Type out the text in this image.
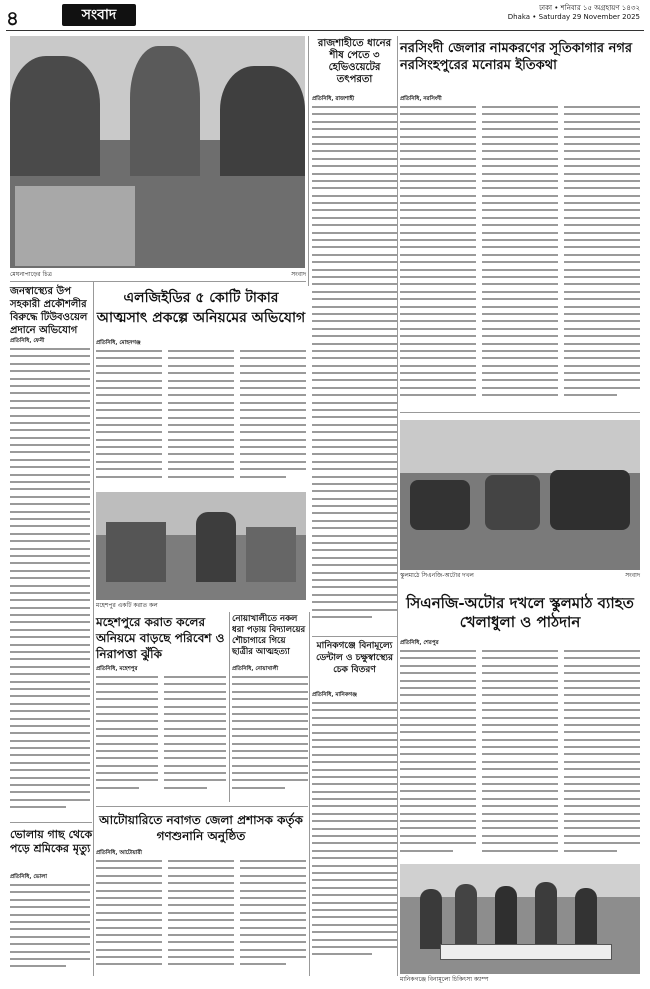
৪	সংবাদ	ঢাকা • শনিবার ১৫ অগ্রহায়ণ ১৪৩২
Dhaka • Saturday 29 November 2025
মেঘনাপাড়ের চিত্র	সংবাদ
রাজশাহীতে ধানের শীষ পেতে ৩ হেভিওয়েটের তৎপরতা
প্রতিনিধি, রাজশাহী
নরসিংদী জেলার নামকরণের সূতিকাগার নগর নরসিংহপুরের মনোরম ইতিকথা
প্রতিনিধি, নরসিংদী
স্কুলমাঠে সিএনজি-অটোর দখল	সংবাদ
সিএনজি-অটোর দখলে স্কুলমাঠ ব্যাহত খেলাধুলা ও পাঠদান
প্রতিনিধি, শেরপুর
মানিকগঞ্জে বিনামূল্যে চিকিৎসা ক্যাম্প
জনস্বাস্থ্যের উপ সহকারী প্রকৌশলীর বিরুদ্ধে টিউবওয়েল প্রদানে অভিযোগ
প্রতিনিধি, ফেনী
এলজিইডির ৫ কোটি টাকার আত্মসাৎ প্রকল্পে অনিয়মের অভিযোগ
প্রতিনিধি, মোহনগঞ্জ
মহেশপুর একটি করাত কল
মহেশপুরে করাত কলের অনিয়মে বাড়ছে পরিবেশ ও নিরাপত্তা ঝুঁকি
প্রতিনিধি, মহেশপুর
নোয়াখালীতে নকল ধরা পড়ায় বিদ্যালয়ের শৌচাগারে গিয়ে ছাত্রীর আত্মহত্যা
প্রতিনিধি, নোয়াখালী
মানিকগঞ্জে বিনামূল্যে ডেন্টাল ও চক্ষুস্বাস্থ্যের চেক বিতরণ
প্রতিনিধি, মানিকগঞ্জ
ভোলায় গাছ থেকে পড়ে শ্রমিকের মৃত্যু
প্রতিনিধি, ভোলা
আটোয়ারিতে নবাগত জেলা প্রশাসক কর্তৃক গণশুনানি অনুষ্ঠিত
প্রতিনিধি, আটোয়ারী
